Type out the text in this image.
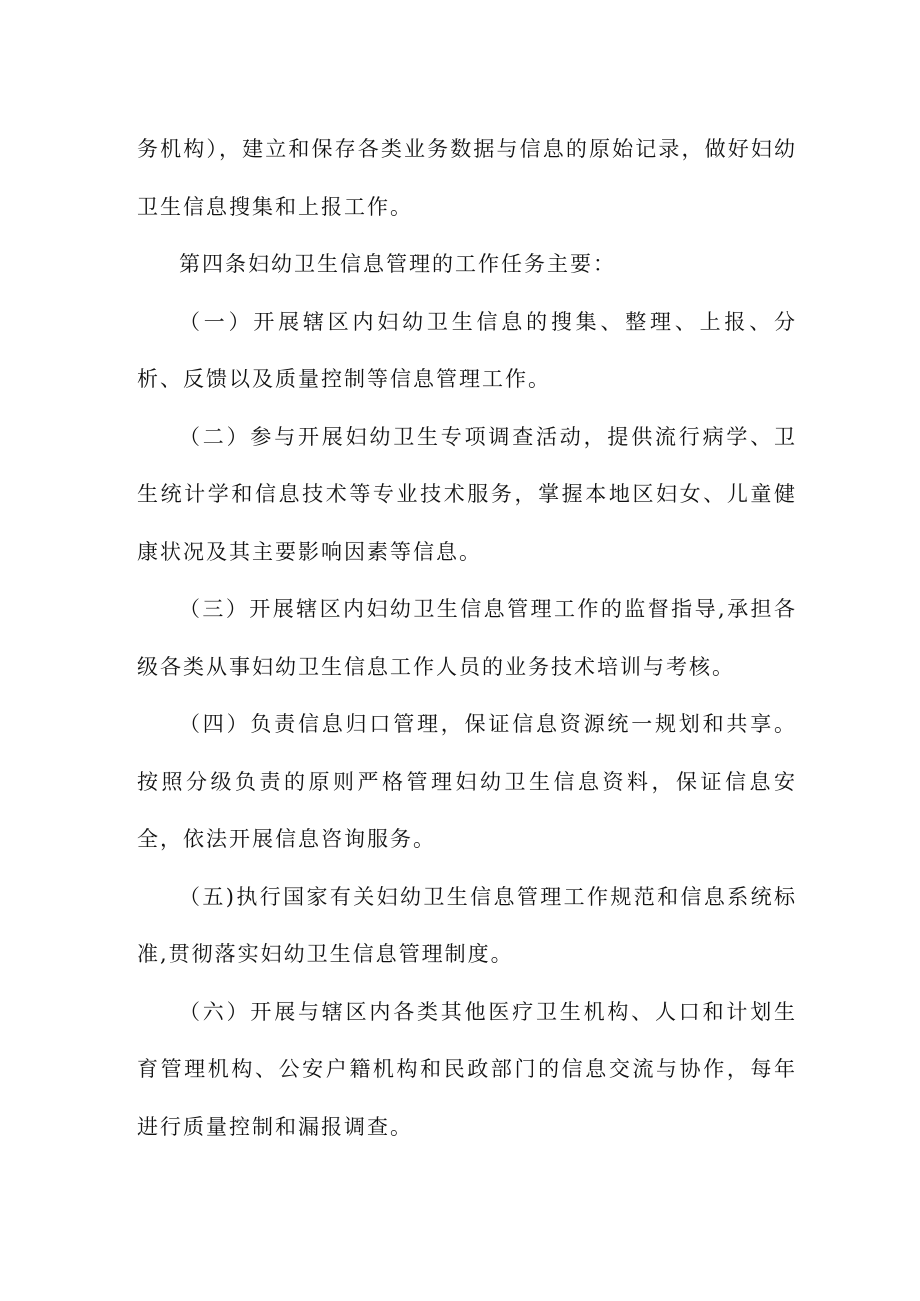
务机构），建立和保存各类业务数据与信息的原始记录，做好妇幼卫生信息搜集和上报工作。

第四条妇幼卫生信息管理的工作任务主要：

（一）开展辖区内妇幼卫生信息的搜集、整理、上报、分析、反馈以及质量控制等信息管理工作。

（二）参与开展妇幼卫生专项调查活动，提供流行病学、卫生统计学和信息技术等专业技术服务，掌握本地区妇女、儿童健康状况及其主要影响因素等信息。

（三）开展辖区内妇幼卫生信息管理工作的监督指导,承担各级各类从事妇幼卫生信息工作人员的业务技术培训与考核。

（四）负责信息归口管理，保证信息资源统一规划和共享。按照分级负责的原则严格管理妇幼卫生信息资料，保证信息安全，依法开展信息咨询服务。

（五)执行国家有关妇幼卫生信息管理工作规范和信息系统标准,贯彻落实妇幼卫生信息管理制度。

（六）开展与辖区内各类其他医疗卫生机构、人口和计划生育管理机构、公安户籍机构和民政部门的信息交流与协作，每年进行质量控制和漏报调查。
